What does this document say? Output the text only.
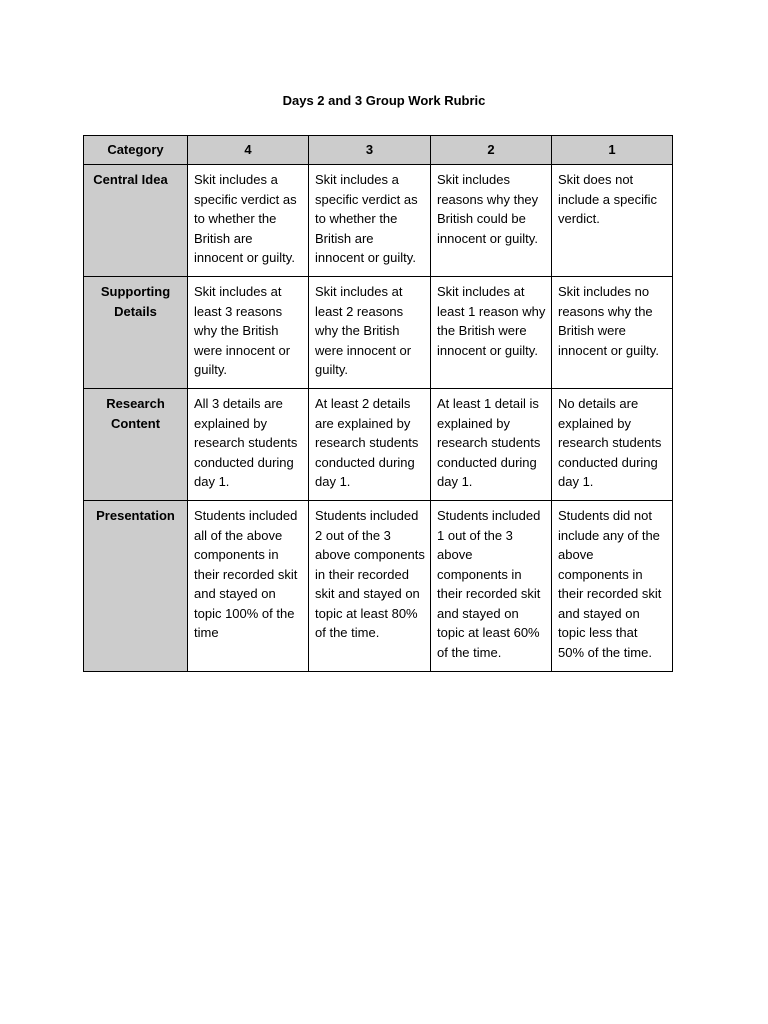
Days 2 and 3 Group Work Rubric
Category	4	3	2	1
Central Idea	Skit includes a specific verdict as to whether the British are innocent or guilty.	Skit includes a specific verdict as to whether the British are innocent or guilty.	Skit includes reasons why they British could be innocent or guilty.	Skit does not include a specific verdict.
Supporting Details	Skit includes at least 3 reasons why the British were innocent or guilty.	Skit includes at least 2 reasons why the British were innocent or guilty.	Skit includes at least 1 reason why the British were innocent or guilty.	Skit includes no reasons why the British were innocent or guilty.
Research Content	All 3 details are explained by research students conducted during day 1.	At least 2 details are explained by research students conducted during day 1.	At least 1 detail is explained by research students conducted during day 1.	No details are explained by research students conducted during day 1.
Presentation	Students included all of the above components in their recorded skit and stayed on topic 100% of the time	Students included 2 out of the 3 above components in their recorded skit and stayed on topic at least 80% of the time.	Students included 1 out of the 3 above components in their recorded skit and stayed on topic at least 60% of the time.	Students did not include any of the above components in their recorded skit and stayed on topic less that 50% of the time.
